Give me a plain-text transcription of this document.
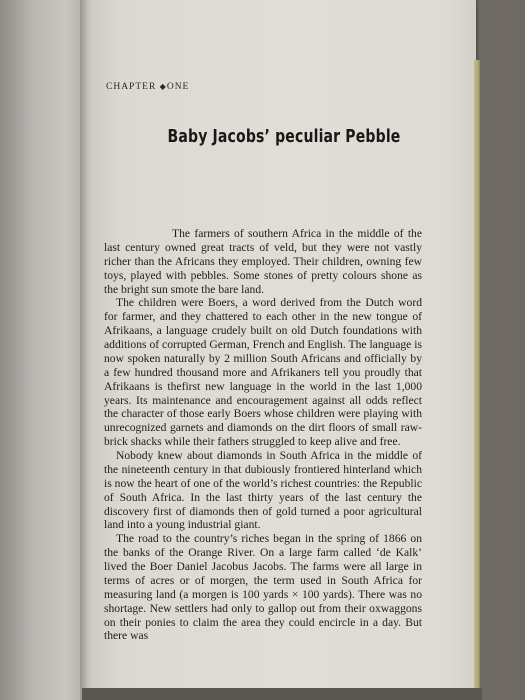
CHAPTER ◆ONE
Baby Jacobs’ peculiar Pebble

The farmers of southern Africa in the middle of the last century owned great tracts of veld, but they were not vastly richer than the Africans they employed. Their children, owning few toys, played with pebbles. Some stones of pretty colours shone as the bright sun smote the bare land.

The children were Boers, a word derived from the Dutch word for farmer, and they chattered to each other in the new tongue of Afrikaans, a language crudely built on old Dutch foundations with additions of corrupted German, French and English. The language is now spoken naturally by 2 million South Africans and officially by a few hundred thousand more and Afrikaners tell you proudly that Afrikaans is thefirst new language in the world in the last 1,000 years. Its maintenance and encouragement against all odds reflect the character of those early Boers whose children were playing with unrecognized garnets and diamonds on the dirt floors of small raw-brick shacks while their fathers struggled to keep alive and free.

Nobody knew about diamonds in South Africa in the middle of the nineteenth century in that dubiously frontiered hinterland which is now the heart of one of the world’s richest countries: the Republic of South Africa. In the last thirty years of the last century the discovery first of diamonds then of gold turned a poor agricultural land into a young industrial giant.

The road to the country’s riches began in the spring of 1866 on the banks of the Orange River. On a large farm called ‘de Kalk’ lived the Boer Daniel Jacobus Jacobs. The farms were all large in terms of acres or of morgen, the term used in South Africa for measuring land (a morgen is 100 yards × 100 yards). There was no shortage. New settlers had only to gallop out from their oxwaggons on their ponies to claim the area they could encircle in a day. But there was
